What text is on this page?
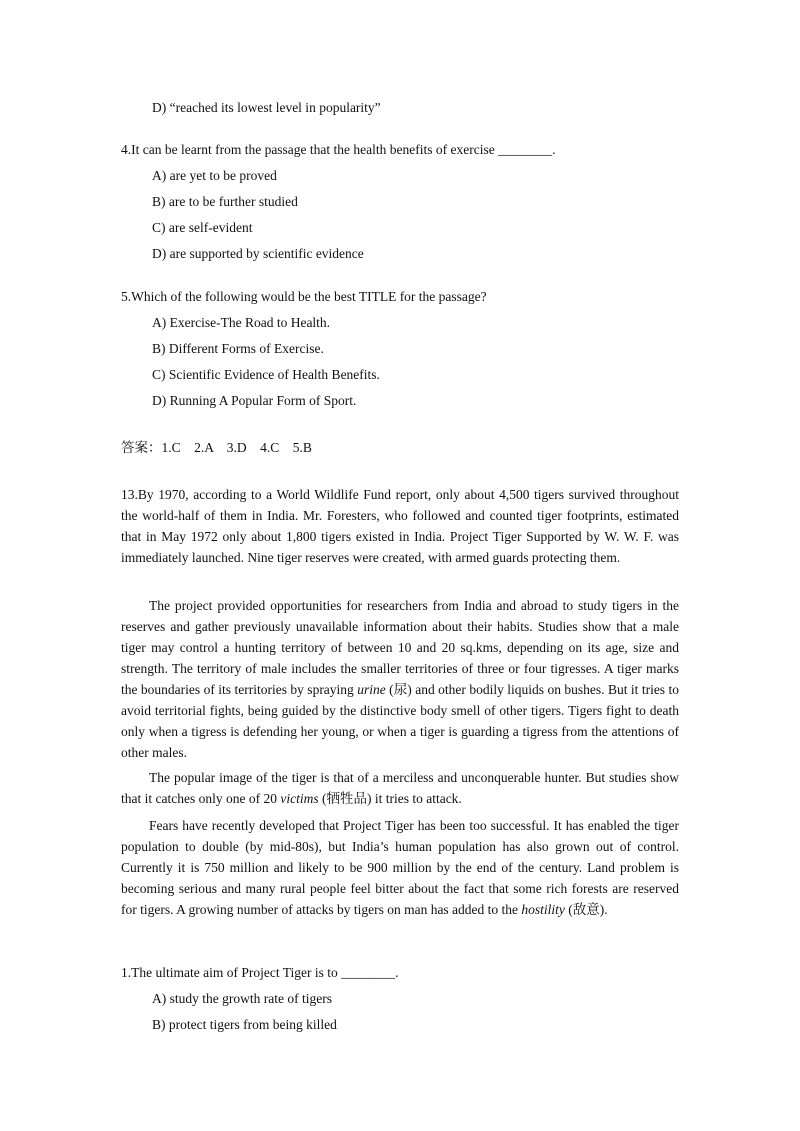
D) “reached its lowest level in popularity”
4.It can be learnt from the passage that the health benefits of exercise ________.
A) are yet to be proved
B) are to be further studied
C) are self-evident
D) are supported by scientific evidence
5.Which of the following would be the best TITLE for the passage?
A) Exercise-The Road to Health.
B) Different Forms of Exercise.
C) Scientific Evidence of Health Benefits.
D) Running A Popular Form of Sport.
答案：1.C　2.A　3.D　4.C　5.B
13.By 1970, according to a World Wildlife Fund report, only about 4,500 tigers survived throughout the world-half of them in India. Mr. Foresters, who followed and counted tiger footprints, estimated that in May 1972 only about 1,800 tigers existed in India. Project Tiger Supported by W. W. F. was immediately launched. Nine tiger reserves were created, with armed guards protecting them.
The project provided opportunities for researchers from India and abroad to study tigers in the reserves and gather previously unavailable information about their habits. Studies show that a male tiger may control a hunting territory of between 10 and 20 sq.kms, depending on its age, size and strength. The territory of male includes the smaller territories of three or four tigresses. A tiger marks the boundaries of its territories by spraying urine (尿) and other bodily liquids on bushes. But it tries to avoid territorial fights, being guided by the distinctive body smell of other tigers. Tigers fight to death only when a tigress is defending her young, or when a tiger is guarding a tigress from the attentions of other males.
The popular image of the tiger is that of a merciless and unconquerable hunter. But studies show that it catches only one of 20 victims (牺牲品) it tries to attack.
Fears have recently developed that Project Tiger has been too successful. It has enabled the tiger population to double (by mid-80s), but India’s human population has also grown out of control. Currently it is 750 million and likely to be 900 million by the end of the century. Land problem is becoming serious and many rural people feel bitter about the fact that some rich forests are reserved for tigers. A growing number of attacks by tigers on man has added to the hostility (敌意).
1.The ultimate aim of Project Tiger is to ________.
A) study the growth rate of tigers
B) protect tigers from being killed
